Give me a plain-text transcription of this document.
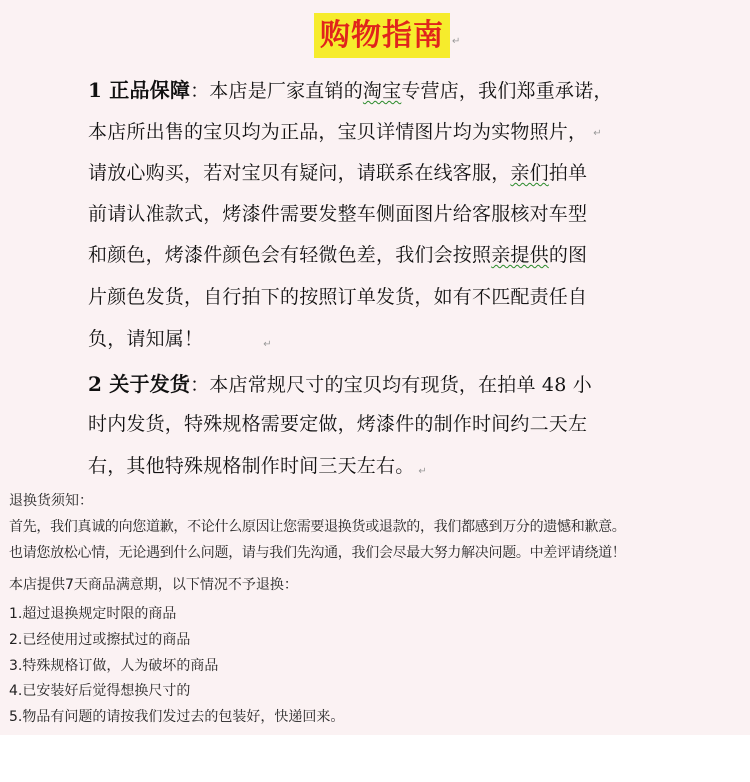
购物指南 ↵
1 正品保障：本店是厂家直销的淘宝专营店，我们郑重承诺，
本店所出售的宝贝均为正品，宝贝详情图片均为实物照片， ↵
请放心购买，若对宝贝有疑问，请联系在线客服，亲们拍单
前请认准款式，烤漆件需要发整车侧面图片给客服核对车型
和颜色，烤漆件颜色会有轻微色差，我们会按照亲提供的图
片颜色发货，自行拍下的按照订单发货，如有不匹配责任自
负，请知属！	↵
2 关于发货：本店常规尺寸的宝贝均有现货，在拍单 48 小
时内发货，特殊规格需要定做，烤漆件的制作时间约二天左
右，其他特殊规格制作时间三天左右。 ↵
退换货须知：
首先，我们真诚的向您道歉，不论什么原因让您需要退换货或退款的，我们都感到万分的遗憾和歉意。
也请您放松心情，无论遇到什么问题，请与我们先沟通，我们会尽最大努力解决问题。中差评请绕道！
本店提供7天商品满意期，以下情况不予退换：
1.超过退换规定时限的商品
2.已经使用过或擦拭过的商品
3.特殊规格订做，人为破坏的商品
4.已安装好后觉得想换尺寸的
5.物品有问题的请按我们发过去的包装好，快递回来。
